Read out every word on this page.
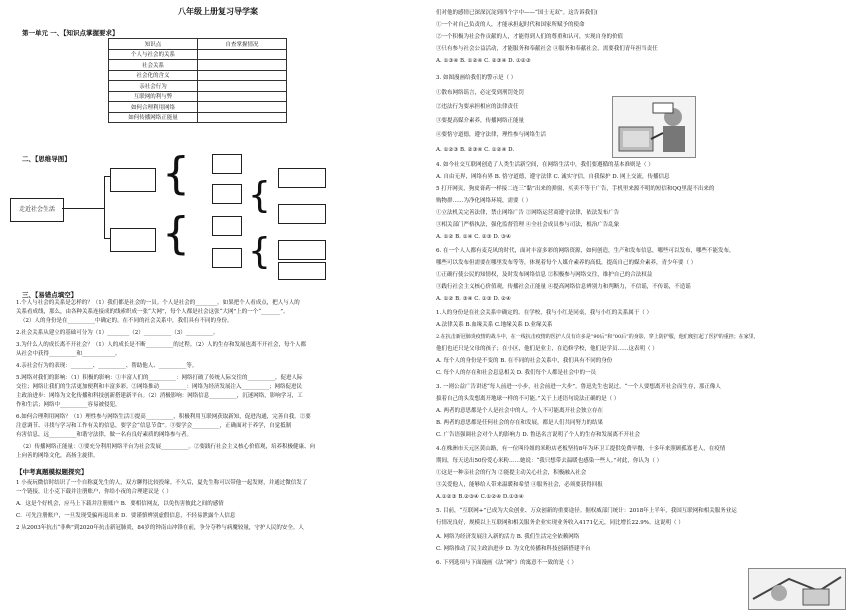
八年级上册复习导学案
第一单元 一、【知识点掌握要求】
知识点	自查掌握情况
个人与社会的关系	
社会关系	
社会化的含义	
亲社会行为	
互联网的利与弊	
如何合理利用网络	
如何传播网络正能量	
二、【思维导图】
走近社会生活
{
{
{
{
三、【易错点填空】
1.个人与社会的关系是怎样的？（1）我们都是社会的一员。个人是社会的________。如果把个人看成点，把人与人的
关系看成线，那么，由各种关系连接成的线索织成一张“大网”，每个人都是社会这张“大网”上的一个“_______”。
（2）人的身份是在__________中确定的。在不同的社会关系中，我们具有不同的身份。
2.社会关系从建立的基础可分为（1）________（2）__________（3）__________。
3.为什么人的成长离不开社会？（1）人的成长是不断__________的过程。（2）人的生存和发展也离不开社会，每个人都
从社会中获得__________和____________。
4.亲社会行为的表现：________、__________、帮助他人、__________等。
5.网络对我们的影响：（1）积极的影响：①丰富人们的__________：网络打破了传统人际交往的__________，促进人际
交往；网络让我们的生活更加便利和丰富多彩。②网络推动__________：网络为经济发展注入__________；网络促进民
主政治进步：网络为文化传播和科技创新搭建新平台。（2）消极影响：网络信息__________，沉迷网络，影响学习，工
作和生活；网络中__________容易被侵犯。
6.如何合理利用网络？（1）理性参与网络生活①提高__________，积极利用互联网获取新知，促进沟通，完善自我。②要
注意调节、寻找与学习和工作有关的信息，要学会“信息节食”。③要学会__________，正确面对于养学，自觉抵制
有害信息，远__________和谐守法律，做一名有良好素质的网络参与者。
（2）传播网络正能量：①要充分利用网络平台为社会发展__________。②要践行社会主义核心价值观，培养积极健康、向
上向善的网络文化，高扬主旋律。
【中考真题模拟题探究】
1 小夜玩微信时结识了一个自称夏先生的人，双方聊得比较投缘。不久后，夏先生称可以带他一起发财，并通过微信发了
一个链接，让小克下载并注册账户，你给小夜的合理建议是（ ）
A．这是个好机会，应马上下载并注册账户 B．要相信网友，以免伤害彼此之间的感情
C．可先注册账户，一旦发现受骗再退出来 D．要谨慎辨别虚假信息，不轻易泄露个人信息
2 从2003年抗击“非典”到2020年抗击新冠肺炎，84岁的钟南山冲锋在前，争分夺秒与病魔较量，守护人民的安全。人
们对他的感情已深深沉淀到四个字中——“国士无双”。这告诉我们(
①一个对自己负责的人，才能承担起时代和国家所赋予的使命
②一个积极为社会作贡献的人，才能得到人们的尊重和认可，实现自身的价值
③只有参与社会公益活动，才能服务和奉献社会 ④服务和奉献社会，需要我们青年担当责任
A. ①③④ B. ①②④ C. ②③④ D. ①②③
3. 如图漫画给我们的警示是（ ）
①散布网络谣言，必定受到刑罚处罚
②违法行为要承担相应的法律责任
③要提高媒介素养，传播网络正能量
④要恪守道德，遵守法律，理性参与网络生活
A. ①②③ B. ②③④ C. ①②④ D.
4. 如今社交互联网创造了人类生活新空间，在网络生活中，我们要遵循的基本准则是（ ）
A. 自由无界，网络有界 B. 恪守道德，遵守法律 C. 诚实守信，自我保护 D. 网上交流，传播信息
5 打开网页，狗皮膏药一样接二连三“黏”出来的弹窗，买卖不等于广告，手机里来源不明的短信和QQ里混不出来的
购物群……为净化网络环境，需要（ ）
①立法机关完善法律，禁止网络广告 ②网络运营商遵守法律，依法发布广告
③相关部门严格执法，强化监督管理 ④全社会成员参与司法，根治广告乱象
A. ①② B. ①④ C. ②③ D. ③④
6. 在一个人人都有麦克风的时代，面对丰富多彩的网络资源，如何创造，生产和发布信息，哪些可以发布，哪些不能发布，
哪些可以发布但需要在哪里发布等等，体现着每个人媒介素养的高低，提高自己的媒介素养，青少年要（ ）
①正确行使公民的知情权，及时发布网络信息 ②积极参与网络交往，维护自己的合法权益
③践行社会主义核心价值观，传播社会正能量 ④提高网络信息辨别力和判断力，不信谣，不传谣，不造谣
A. ①② B. ③④ C. ①③ D. ②④
1.人的身份是在社会关系中确定的。在学校，我与小红是同桌，我与小红的关系属于（ ）
A.法律关系 B.血缘关系 C.地缘关系 D.业缘关系
2.在抗击新冠肺炎疫情的战斗中，在一线抗击疫情的医护人员有许多是“90后”和“00后”的身影，穿上防护服，他们便扛起了医护的重担；在家里，
他们也还只是父母的孩子；在小区，他们是业主，在追修学校，他们是学员……这表明（ ）
A. 每个人的身份是不变的 B. 在不同的社会关系中，我们具有不同的身份
C. 每个人的存在和社会息息相关 D. 我们每个人都是社会中的一员
3. 一则公益广告讲述“每人前进一小步，社会前进一大步”。鲁迅先生也说过，“一个人要想离开社会而生存，那正像人
拔着自己的头发想离开地球一样的不可能。”关于上述语句说法正确的是（ ）
A. 两者的意思都是个人是社会中的人，个人不可能离开社会独立存在
B. 两者的意思都是任何社会的存在和发展，都是人们共同努力的结果
C. 广告语强调社会对个人的影响力 D. 鲁迅名言说明了个人的生存和发展离不开社会
4.在株洲市天元区黄山路，有一位叫玲姐的米粉店老板坚持8年为环卫工提供免费早餐，十多年来照顾孤寡老人，在疫情
期间，每天送出50份爱心米粉……她说：“我只想带去温暖也感染一些人。”对此，你认为（ ）
①这是一种亲社会的行为 ②能提主动关心社会，积极融入社会
③关爱他人，能够给人带来温暖和希望 ④服务社会，必须要获得回报
A.①②③ B.②③④ C.①②④ D.①③④
5. 目前，“互联网+”已成为大众创业、万众创新的重要途径。据权威部门统计：2018年上半年，我国互联网和相关服务业运
行情况良好，规模以上互联网和相关服务企业实现业务收入4171亿元，同比增长22.9%。这说明（ ）
A. 网络为经济发展注入新的活力 B. 我们生活完全依赖网络
C. 网络推动了民主政治进步 D. 为文化传播和科技创新搭建平台
6. 下列选项与下面漫画《法“网”》的寓意不一致的是（ ）
